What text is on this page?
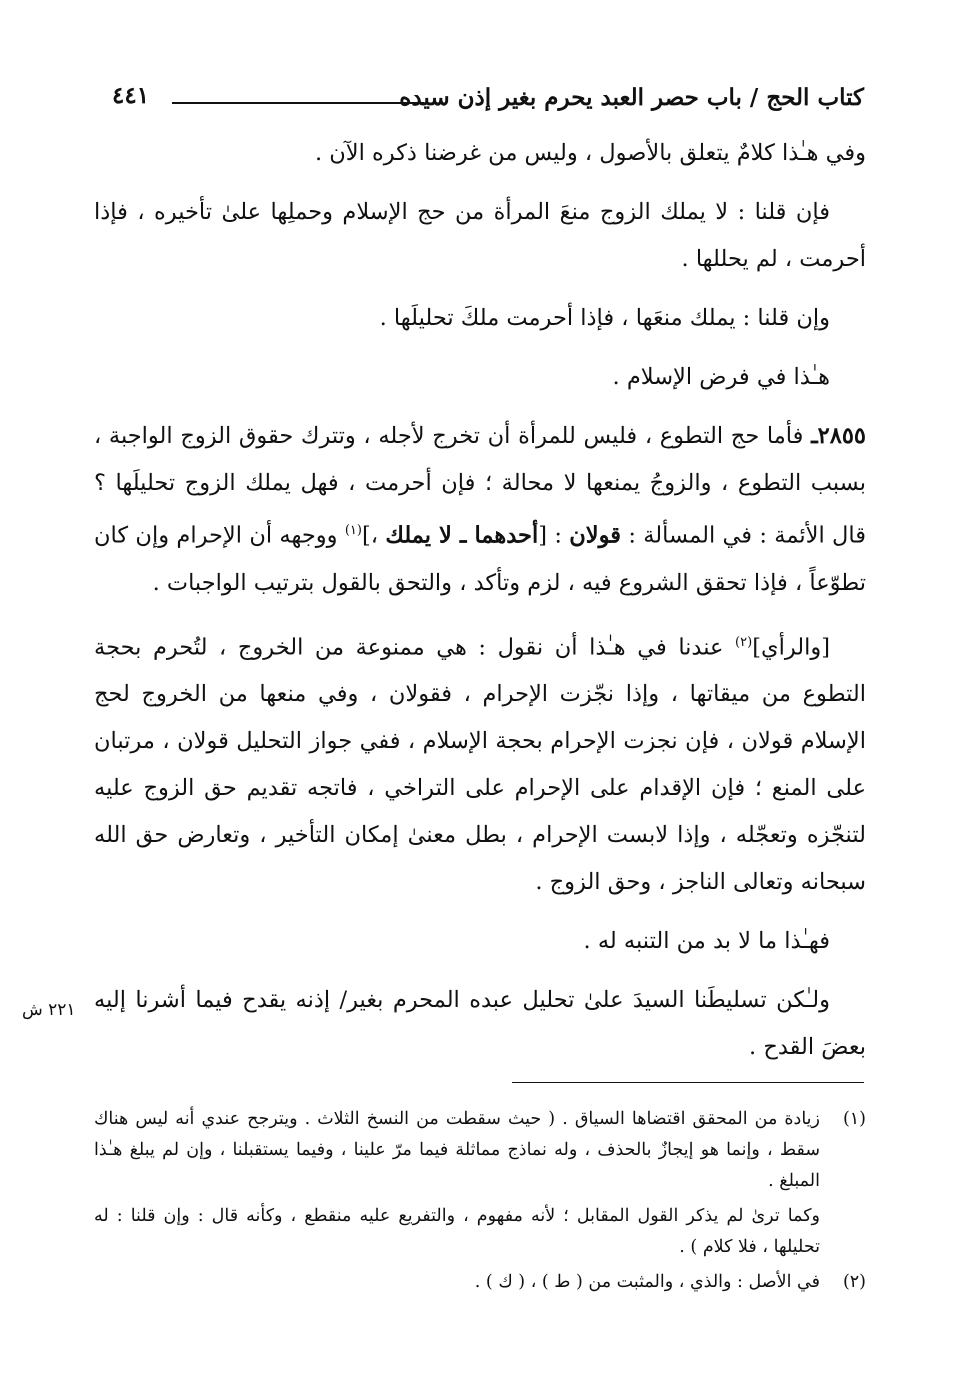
كتاب الحج / باب حصر العبد يحرم بغير إذن سيده
٤٤١

وفي هـٰذا كلامٌ يتعلق بالأصول ، وليس من غرضنا ذكره الآن .

فإن قلنا : لا يملك الزوج منعَ المرأة من حج الإسلام وحملِها علىٰ تأخيره ، فإذا أحرمت ، لم يحللها .

وإن قلنا : يملك منعَها ، فإذا أحرمت ملكَ تحليلَها .

هـٰذا في فرض الإسلام .

٢٨٥٥ـ فأما حج التطوع ، فليس للمرأة أن تخرج لأجله ، وتترك حقوق الزوج الواجبة ، بسبب التطوع ، والزوجُ يمنعها لا محالة ؛ فإن أحرمت ، فهل يملك الزوج تحليلَها ؟ قال الأئمة : في المسألة : قولان : [أحدهما ـ لا يملك ،]$^{(١)}$ ووجهه أن الإحرام وإن كان تطوّعاً ، فإذا تحقق الشروع فيه ، لزم وتأكد ، والتحق بالقول بترتيب الواجبات .

[والرأي]$^{(٢)}$ عندنا في هـٰذا أن نقول : هي ممنوعة من الخروج ، لتُحرم بحجة التطوع من ميقاتها ، وإذا نجّزت الإحرام ، فقولان ، وفي منعها من الخروج لحج الإسلام قولان ، فإن نجزت الإحرام بحجة الإسلام ، ففي جواز التحليل قولان ، مرتبان على المنع ؛ فإن الإقدام على الإحرام على التراخي ، فاتجه تقديم حق الزوج عليه لتنجّزه وتعجّله ، وإذا لابست الإحرام ، بطل معنىٰ إمكان التأخير ، وتعارض حق الله سبحانه وتعالى الناجز ، وحق الزوج .

فهـٰذا ما لا بد من التنبه له .

ولـٰكن تسليطَنا السيدَ علىٰ تحليل عبده المحرم بغير/ إذنه يقدح فيما أشرنا إليه بعضَ القدح .

٢٢١ ش

(١)
زيادة من المحقق اقتضاها السياق . ( حيث سقطت من النسخ الثلاث . ويترجح عندي أنه ليس هناك سقط ، وإنما هو إيجازٌ بالحذف ، وله نماذج مماثلة فيما مرّ علينا ، وفيما يستقبلنا ، وإن لم يبلغ هـٰذا المبلغ .

وكما ترىٰ لم يذكر القول المقابل ؛ لأنه مفهوم ، والتفريع عليه منقطع ، وكأنه قال : وإن قلنا : له تحليلها ، فلا كلام ) .

(٢)
في الأصل : والذي ، والمثبت من ( ط ) ، ( ك ) .
